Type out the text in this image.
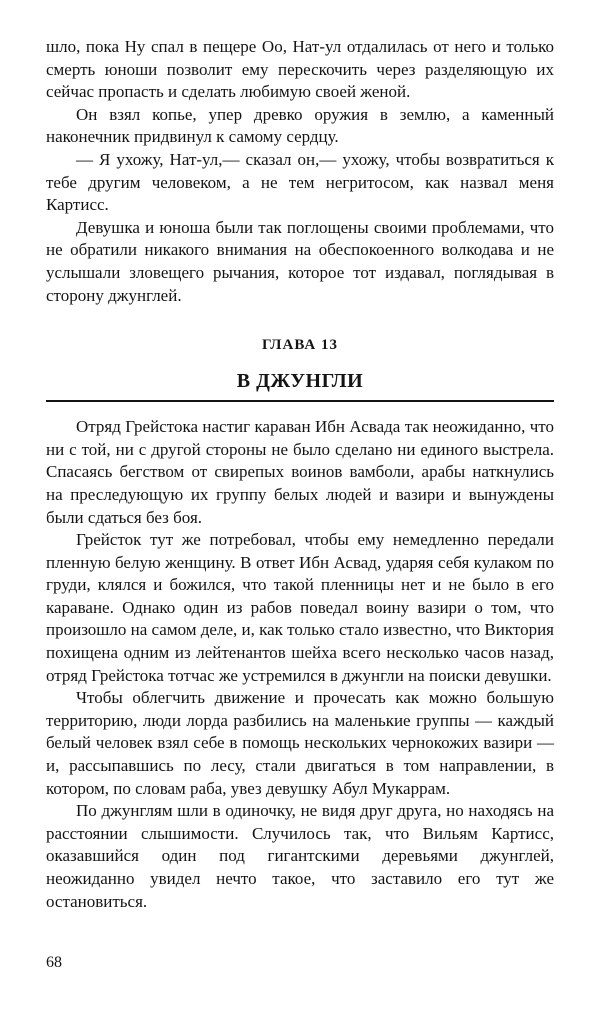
шло, пока Ну спал в пещере Оо, Нат-ул отдалилась от него и только смерть юноши позволит ему перескочить через разделяющую их сейчас пропасть и сделать любимую своей женой.

Он взял копье, упер древко оружия в землю, а каменный наконечник придвинул к самому сердцу.

— Я ухожу, Нат-ул,— сказал он,— ухожу, чтобы возвратиться к тебе другим человеком, а не тем негритосом, как назвал меня Картисс.

Девушка и юноша были так поглощены своими проблемами, что не обратили никакого внимания на обеспокоенного волкодава и не услышали зловещего рычания, которое тот издавал, поглядывая в сторону джунглей.

ГЛАВА 13
В ДЖУНГЛИ

Отряд Грейстока настиг караван Ибн Асвада так неожиданно, что ни с той, ни с другой стороны не было сделано ни единого выстрела. Спасаясь бегством от свирепых воинов вамболи, арабы наткнулись на преследующую их группу белых людей и вазири и вынуждены были сдаться без боя.

Грейсток тут же потребовал, чтобы ему немедленно передали пленную белую женщину. В ответ Ибн Асвад, ударяя себя кулаком по груди, клялся и божился, что такой пленницы нет и не было в его караване. Однако один из рабов поведал воину вазири о том, что произошло на самом деле, и, как только стало известно, что Виктория похищена одним из лейтенантов шейха всего несколько часов назад, отряд Грейстока тотчас же устремился в джунгли на поиски девушки.

Чтобы облегчить движение и прочесать как можно большую территорию, люди лорда разбились на маленькие группы — каждый белый человек взял себе в помощь нескольких чернокожих вазири — и, рассыпавшись по лесу, стали двигаться в том направлении, в котором, по словам раба, увез девушку Абул Мукаррам.

По джунглям шли в одиночку, не видя друг друга, но находясь на расстоянии слышимости. Случилось так, что Вильям Картисс, оказавшийся один под гигантскими деревьями джунглей, неожиданно увидел нечто такое, что заставило его тут же остановиться.

68
